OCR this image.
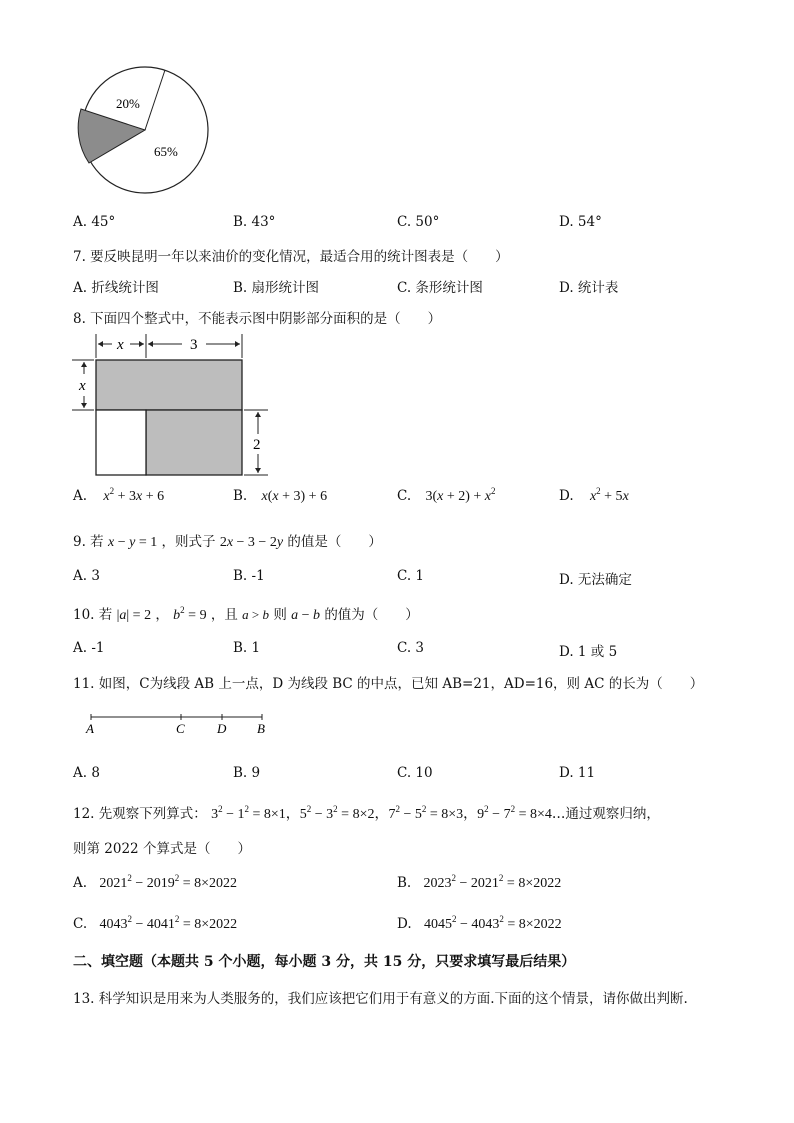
20%
65%
A. 45°	B. 43°	C. 50°	D. 54°
7. 要反映昆明一年以来油价的变化情况，最适合用的统计图表是（　　）
A. 折线统计图	B. 扇形统计图	C. 条形统计图	D. 统计表
8. 下面四个整式中，不能表示图中阴影部分面积的是（　　）
x	3
x
2
A. $x^2 + 3x + 6$	B. x(x + 3) + 6	C. $3(x + 2) + x^2$	D. $x^2 + 5x$
9. 若 x − y = 1 ，则式子 2x − 3 − 2y 的值是（　　）
A. 3	B. -1	C. 1	D. 无法确定
10. 若 |a| = 2 ， $b^2 = 9$ ，且 a > b 则 a − b 的值为（　　）
A. -1	B. 1	C. 3	D. 1 或 5
11. 如图，C为线段 AB 上一点，D 为线段 BC 的中点，已知 AB=21，AD=16，则 AC 的长为（　　）
A	C D B
A. 8	B. 9	C. 10	D. 11
12. 先观察下列算式： $3^2 - 1^2 = 8\times 1$，$5^2 - 3^2 = 8\times 2$，$7^2 - 5^2 = 8\times 3$，$9^2 - 7^2$ = 8×4…通过观察归纳，
则第 2022 个算式是（　　）
A. $2021^2 - 2019^2 = 8\times 2022$	B. $2023^2 - 2021^2 = 8\times 2022$
C. $4043^2 - 4041^2 = 8\times 2022$	D. $4045^2 - 4043^2 = 8\times 2022$
二、填空题（本题共 5 个小题，每小题 3 分，共 15 分，只要求填写最后结果）
13. 科学知识是用来为人类服务的，我们应该把它们用于有意义的方面.下面的这个情景，请你做出判断.
